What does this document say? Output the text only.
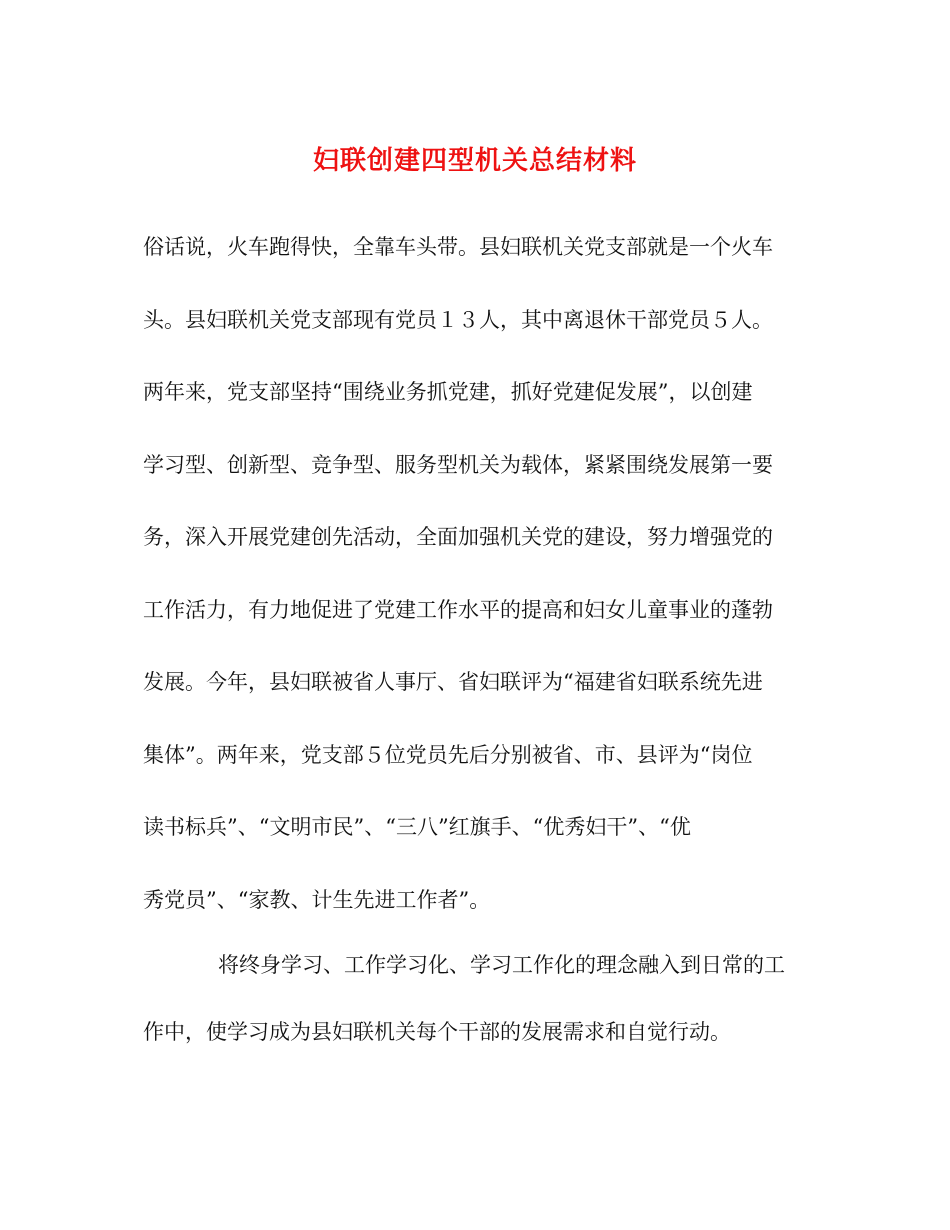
妇联创建四型机关总结材料
俗话说，火车跑得快，全靠车头带。县妇联机关党支部就是一个火车
头。县妇联机关党支部现有党员１３人，其中离退休干部党员５人。
两年来，党支部坚持“围绕业务抓党建，抓好党建促发展”，以创建
学习型、创新型、竞争型、服务型机关为载体，紧紧围绕发展第一要
务，深入开展党建创先活动，全面加强机关党的建设，努力增强党的
工作活力，有力地促进了党建工作水平的提高和妇女儿童事业的蓬勃
发展。今年，县妇联被省人事厅、省妇联评为“福建省妇联系统先进
集体”。两年来，党支部５位党员先后分别被省、市、县评为“岗位
读书标兵”、“文明市民”、“三八”红旗手、“优秀妇干”、“优
秀党员”、“家教、计生先进工作者”。
将终身学习、工作学习化、学习工作化的理念融入到日常的工
作中，使学习成为县妇联机关每个干部的发展需求和自觉行动。
